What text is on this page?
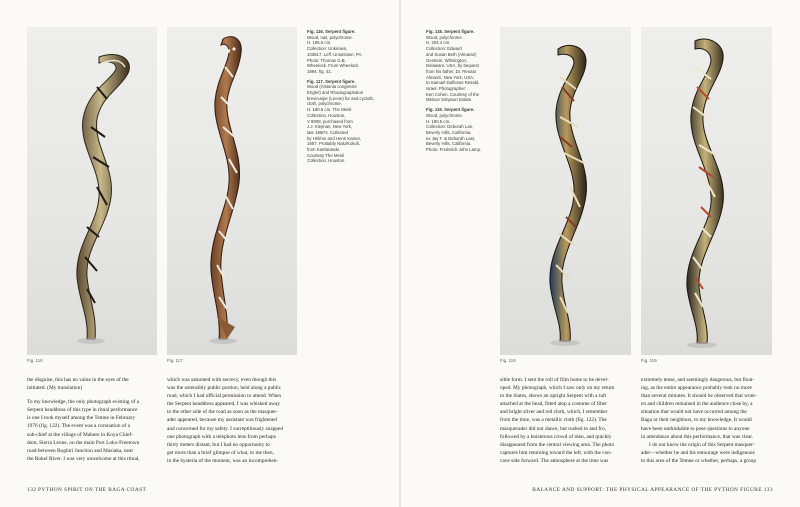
Fig. 116	Fig. 117

Fig. 116. Serpent figure.
Wood, nail, polychrome.
H. 195.5 cm.
Collection: Unknown,
103917. Leff. Uniontown, PA.
Photo: Thomas G.B.
Wheelock. From Wheelock
1994, fig. 41.

Fig. 117. Serpent figure.
Wood (Alstonia congensis
Engler) and Rhodognaphalon
brevicuspe (Leone) fur and cycloth,
cloth, polychrome.
H. 190.5 cm. The Menil
Collection, Houston,
V 9009, purchased from
J.J. Klejman, New York,
late 1950's. Collected
by Hélène and Henri Kamer,
1957. Probably Nalu/Kokoli,
from Kanfarande.
Courtesy The Menil
Collection, Houston.

the disguise, this has no value in the eyes of the
initiated. (My translation)
To my knowledge, the only photograph existing of a
Serpent headdress of this type in ritual performance
is one I took myself among the Temne in February
1976 (fig. 122). The event was a coronation of a
sub-chief at the village of Mabore in Koya Chief-
dom, Sierra Leone, on the main Port Loko-Freetown
road between Rogbiri Junction and Masiaka, near
the Rokel River. I was very unwelcome at this ritual,
which was saturated with secrecy, even though this
was the ostensibly public portion, held along a public
road, which I had official permission to attend. When
the Serpent headdress appeared, I was whisked away
to the other side of the road as soon as the masquer-
ader appeared, because my assistant was frightened
and concerned for my safety. I surreptitiously snapped
one photograph with a telephoto lens from perhaps
thirty meters distant, but I had no opportunity to
get more than a brief glimpse of what, to me then,
in the hysteria of the moment, was an incomprehen-
132 PYTHON SPIRIT ON THE BAGA COAST

Fig. 118. Serpent figure.
Wood, polychrome.
H. 204.4 cm.
Collection: Edward
and Susan Beth (Almaraz)
Gerstein, Wilmington,
Delaware, USA, by bequest
from his father, Dr. Renato
Almanzi, New York, USA,
to Samuel Dalfonso Resald,
Israel. Photographer:
Ken Cohen. Courtesy of the
Meison Simpson Estate.

Fig. 119. Serpent figure.
Wood, polychrome.
H. 190.5 cm.
Collection: Deborah Lan,
Beverly Hills, California,
ex Jay T. & Deborah Last,
Beverly Hills, California.
Photo: Frederick John Lamp.

Fig. 118	Fig. 119
sible form. I sent the roll of film home to be devel-
oped. My photograph, which I saw only on my return
to the States, shows an upright Serpent with a tuft
attached at the head, fitted atop a costume of fiber
and bright silver and red cloth, which, I remember
from the time, was a metallic cloth (fig. 122). The
masquerader did not dance, but rushed to and fro,
followed by a boisterous crowd of men, and quickly
disappeared from the central viewing area. The photo
captures him returning toward the left, with the con-
cave side forward. The atmosphere at the time was
extremely tense, and seemingly dangerous, but float-
ing, as the entire appearance probably took no more
than several minutes. It should be observed that wom-
en and children remained in the audience close by, a
situation that would not have occurred among the
Baga or their neighbors, to my knowledge. It would
have been unthinkable to pose questions to anyone
in attendance about this performance, that was clear.
I do not know the origin of this Serpent masquer-
ader—whether he and his entourage were indigenous
to this area of the Temne or whether, perhaps, a group
BALANCE AND SUPPORT: THE PHYSICAL APPEARANCE OF THE PYTHON FIGURE 133
